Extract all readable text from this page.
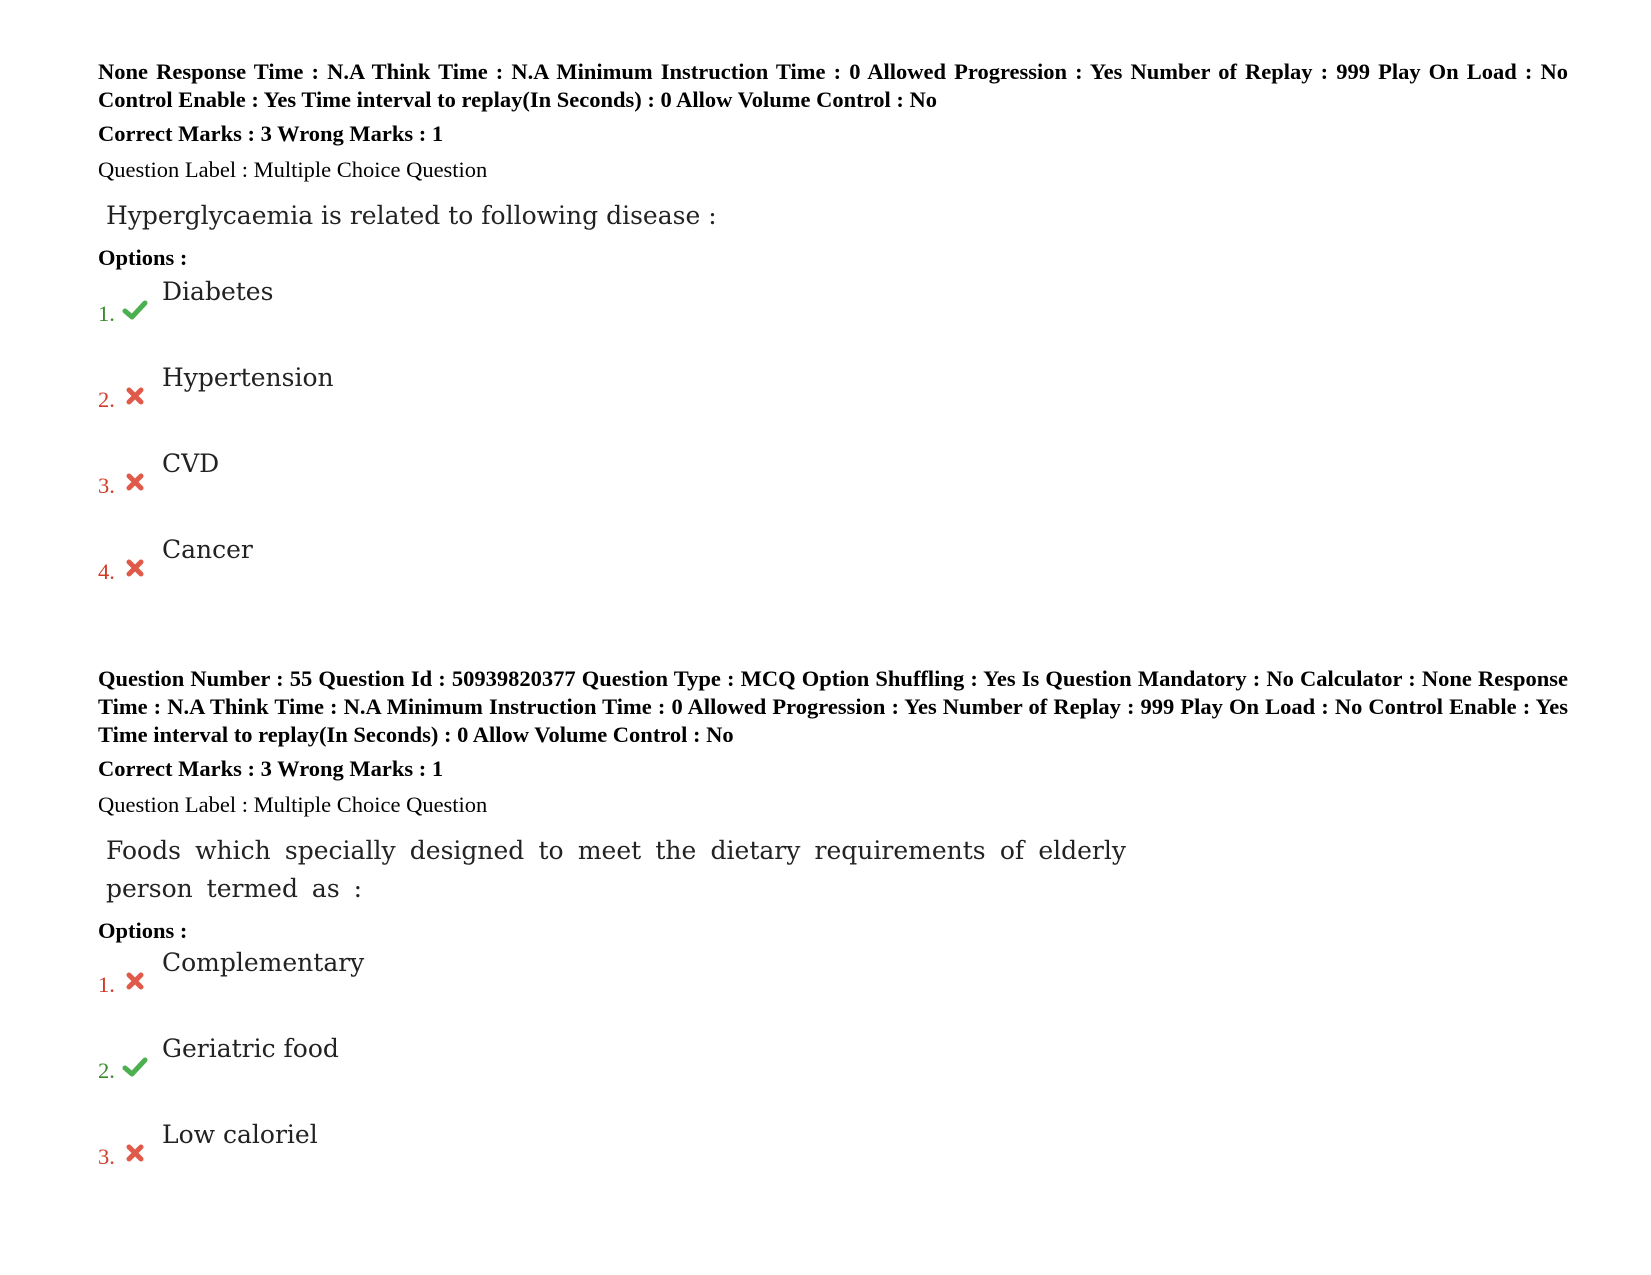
None Response Time : N.A Think Time : N.A Minimum Instruction Time : 0 Allowed Progression : Yes Number of Replay : 999 Play On Load : No Control Enable : Yes Time interval to replay(In Seconds) : 0 Allow Volume Control : No
Correct Marks : 3 Wrong Marks : 1
Question Label : Multiple Choice Question
Hyperglycaemia is related to following disease :
Options :
1.
Diabetes
2.
Hypertension
3.
CVD
4.
Cancer
Question Number : 55 Question Id : 50939820377 Question Type : MCQ Option Shuffling : Yes Is Question Mandatory : No Calculator : None Response Time : N.A Think Time : N.A Minimum Instruction Time : 0 Allowed Progression : Yes Number of Replay : 999 Play On Load : No Control Enable : Yes Time interval to replay(In Seconds) : 0 Allow Volume Control : No
Correct Marks : 3 Wrong Marks : 1
Question Label : Multiple Choice Question
Foods which specially designed to meet the dietary requirements of elderly person termed as :
Options :
1.
Complementary
2.
Geriatric food
3.
Low caloriel
